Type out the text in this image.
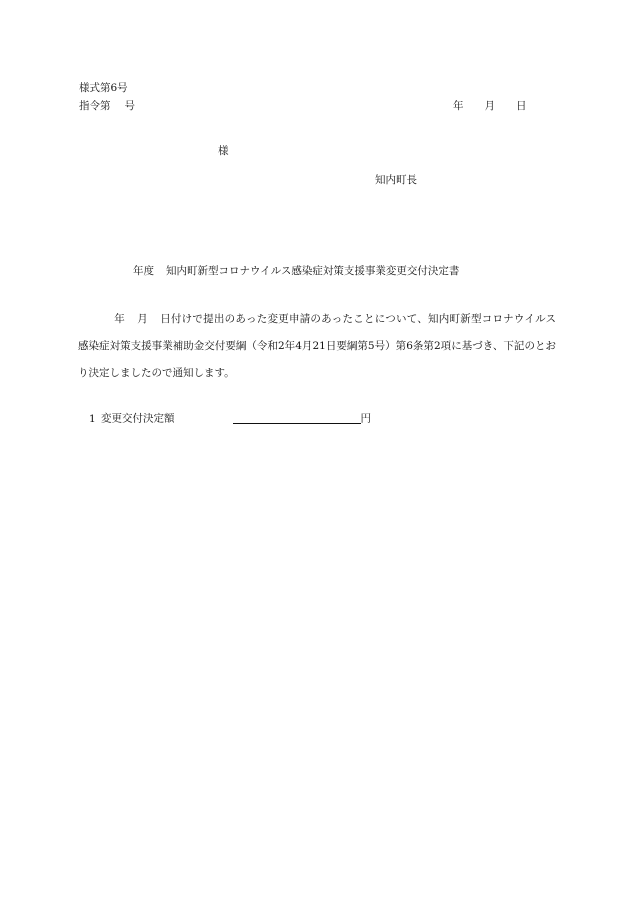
様式第6号
指令第 号	年 月 日
様
知内町長
年度 知内町新型コロナウイルス感染症対策支援事業変更交付決定書
年 月 日付けで提出のあった変更申請のあったことについて、知内町新型コロナウイルス感染症対策支援事業補助金交付要綱（令和2年4月21日要綱第5号）第6条第2項に基づき、下記のとおり決定しましたので通知します。
1 変更交付決定額	円
